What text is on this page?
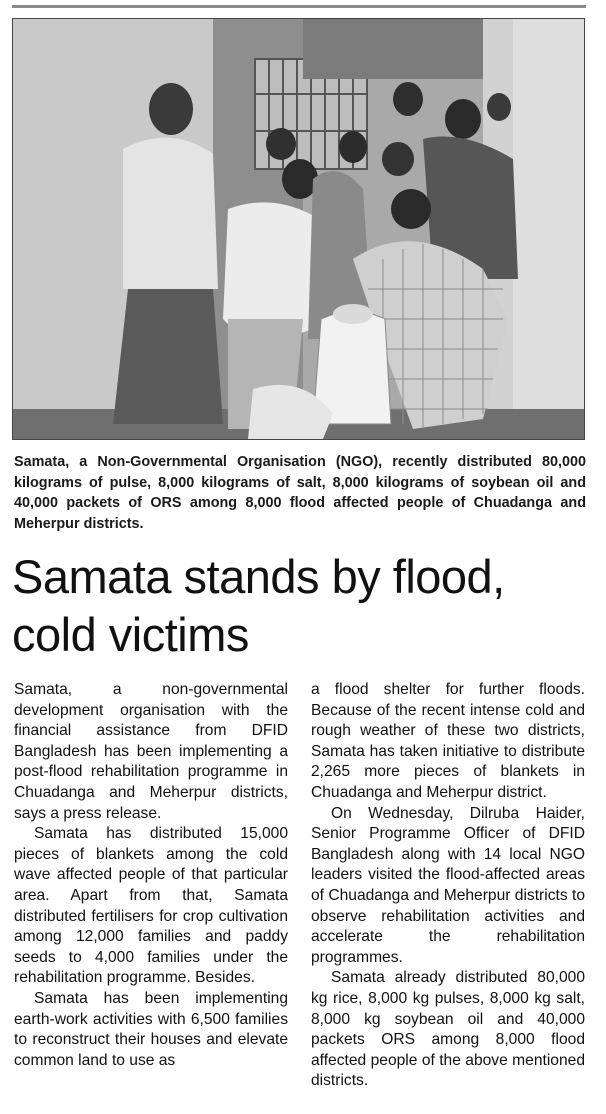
Samata, a Non-Governmental Organisation (NGO), recently distributed 80,000 kilograms of pulse, 8,000 kilograms of salt, 8,000 kilograms of soybean oil and 40,000 packets of ORS among 8,000 flood affected people of Chuadanga and Meherpur districts.

Samata stands by flood, cold victims

Samata, a non-governmental development organisation with the financial assistance from DFID Bangladesh has been implementing a post-flood rehabilitation programme in Chuadanga and Meherpur districts, says a press release.

Samata has distributed 15,000 pieces of blankets among the cold wave affected people of that particular area. Apart from that, Samata distributed fertilisers for crop cultivation among 12,000 families and paddy seeds to 4,000 families under the rehabilitation programme. Besides.

Samata has been implementing earth-work activities with 6,500 families to reconstruct their houses and elevate common land to use as

a flood shelter for further floods. Because of the recent intense cold and rough weather of these two districts, Samata has taken initiative to distribute 2,265 more pieces of blankets in Chuadanga and Meherpur district.

On Wednesday, Dilruba Haider, Senior Programme Officer of DFID Bangladesh along with 14 local NGO leaders visited the flood-affected areas of Chuadanga and Meherpur districts to observe rehabilitation activities and accelerate the rehabilitation programmes.

Samata already distributed 80,000 kg rice, 8,000 kg pulses, 8,000 kg salt, 8,000 kg soybean oil and 40,000 packets ORS among 8,000 flood affected people of the above mentioned districts.
